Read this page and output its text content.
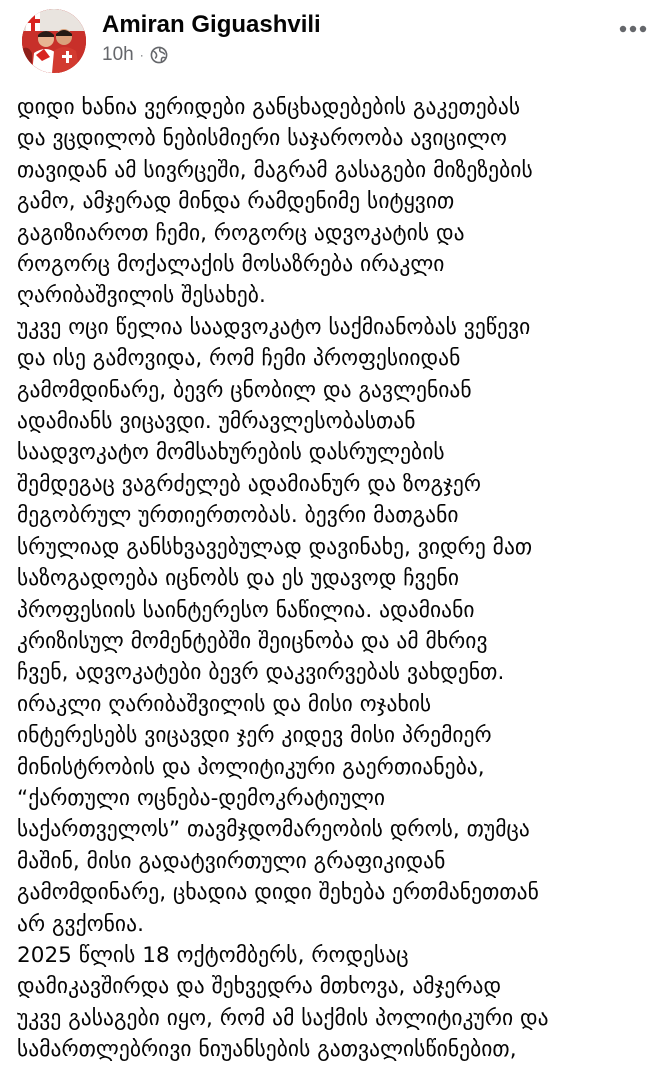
Amiran Giguashvili
10h ·
დიდი ხანია ვერიდები განცხადებების გაკეთებას
და ვცდილობ ნებისმიერი საჯაროობა ავიცილო
თავიდან ამ სივრცეში, მაგრამ გასაგები მიზეზების
გამო, ამჯერად მინდა რამდენიმე სიტყვით
გაგიზიაროთ ჩემი, როგორც ადვოკატის და
როგორც მოქალაქის მოსაზრება ირაკლი
ღარიბაშვილის შესახებ.
უკვე ოცი წელია საადვოკატო საქმიანობას ვეწევი
და ისე გამოვიდა, რომ ჩემი პროფესიიდან
გამომდინარე, ბევრ ცნობილ და გავლენიან
ადამიანს ვიცავდი. უმრავლესობასთან
საადვოკატო მომსახურების დასრულების
შემდეგაც ვაგრძელებ ადამიანურ და ზოგჯერ
მეგობრულ ურთიერთობას. ბევრი მათგანი
სრულიად განსხვავებულად დავინახე, ვიდრე მათ
საზოგადოება იცნობს და ეს უდავოდ ჩვენი
პროფესიის საინტერესო ნაწილია. ადამიანი
კრიზისულ მომენტებში შეიცნობა და ამ მხრივ
ჩვენ, ადვოკატები ბევრ დაკვირვებას ვახდენთ.
ირაკლი ღარიბაშვილის და მისი ოჯახის
ინტერესებს ვიცავდი ჯერ კიდევ მისი პრემიერ
მინისტრობის და პოლიტიკური გაერთიანება,
“ქართული ოცნება-დემოკრატიული
საქართველოს” თავმჯდომარეობის დროს, თუმცა
მაშინ, მისი გადატვირთული გრაფიკიდან
გამომდინარე, ცხადია დიდი შეხება ერთმანეთთან
არ გვქონია.
2025 წლის 18 ოქტომბერს, როდესაც
დამიკავშირდა და შეხვედრა მთხოვა, ამჯერად
უკვე გასაგები იყო, რომ ამ საქმის პოლიტიკური და
სამართლებრივი ნიუანსების გათვალისწინებით,
